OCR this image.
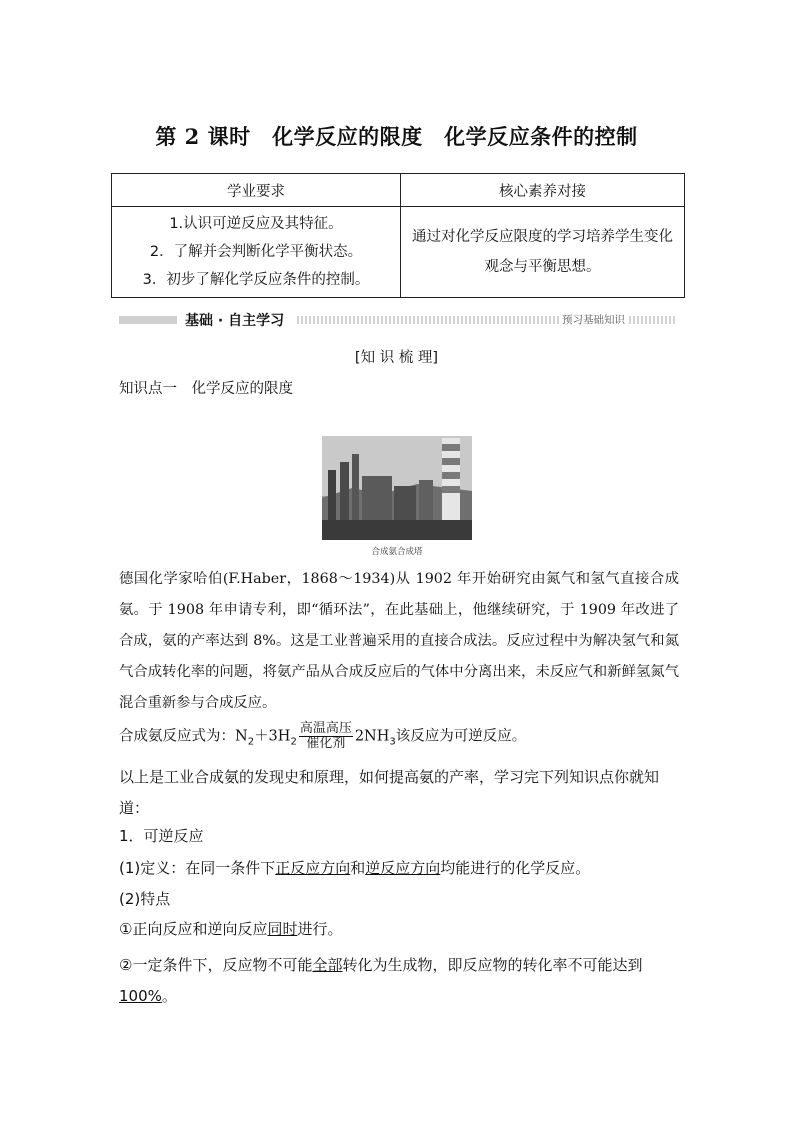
第 2 课时　化学反应的限度　化学反应条件的控制
学业要求	核心素养对接

1.认识可逆反应及其特征。
2．了解并会判断化学平衡状态。
3．初步了解化学反应条件的控制。	通过对化学反应限度的学习培养学生变化观念与平衡思想。
基础 · 自主学习	预习基础知识
[知 识 梳 理]
知识点一　化学反应的限度
合成氨合成塔
德国化学家哈伯(F.Haber，1868～1934)从 1902 年开始研究由氮气和氢气直接合成氨。于 1908 年申请专利，即“循环法”，在此基础上，他继续研究，于 1909 年改进了合成，氨的产率达到 8%。这是工业普遍采用的直接合成法。反应过程中为解决氢气和氮气合成转化率的问题，将氨产品从合成反应后的气体中分离出来，未反应气和新鲜氢氮气混合重新参与合成反应。
合成氨反应式为：$N_2+3H_2$
高温高压
催化剂 $2NH_3$该反应为可逆反应。
以上是工业合成氨的发现史和原理，如何提高氨的产率，学习完下列知识点你就知道：
1．可逆反应
(1)定义：在同一条件下正反应方向和逆反应方向均能进行的化学反应。
(2)特点
①正向反应和逆向反应同时进行。
②一定条件下，反应物不可能全部转化为生成物，即反应物的转化率不可能达到100%。
